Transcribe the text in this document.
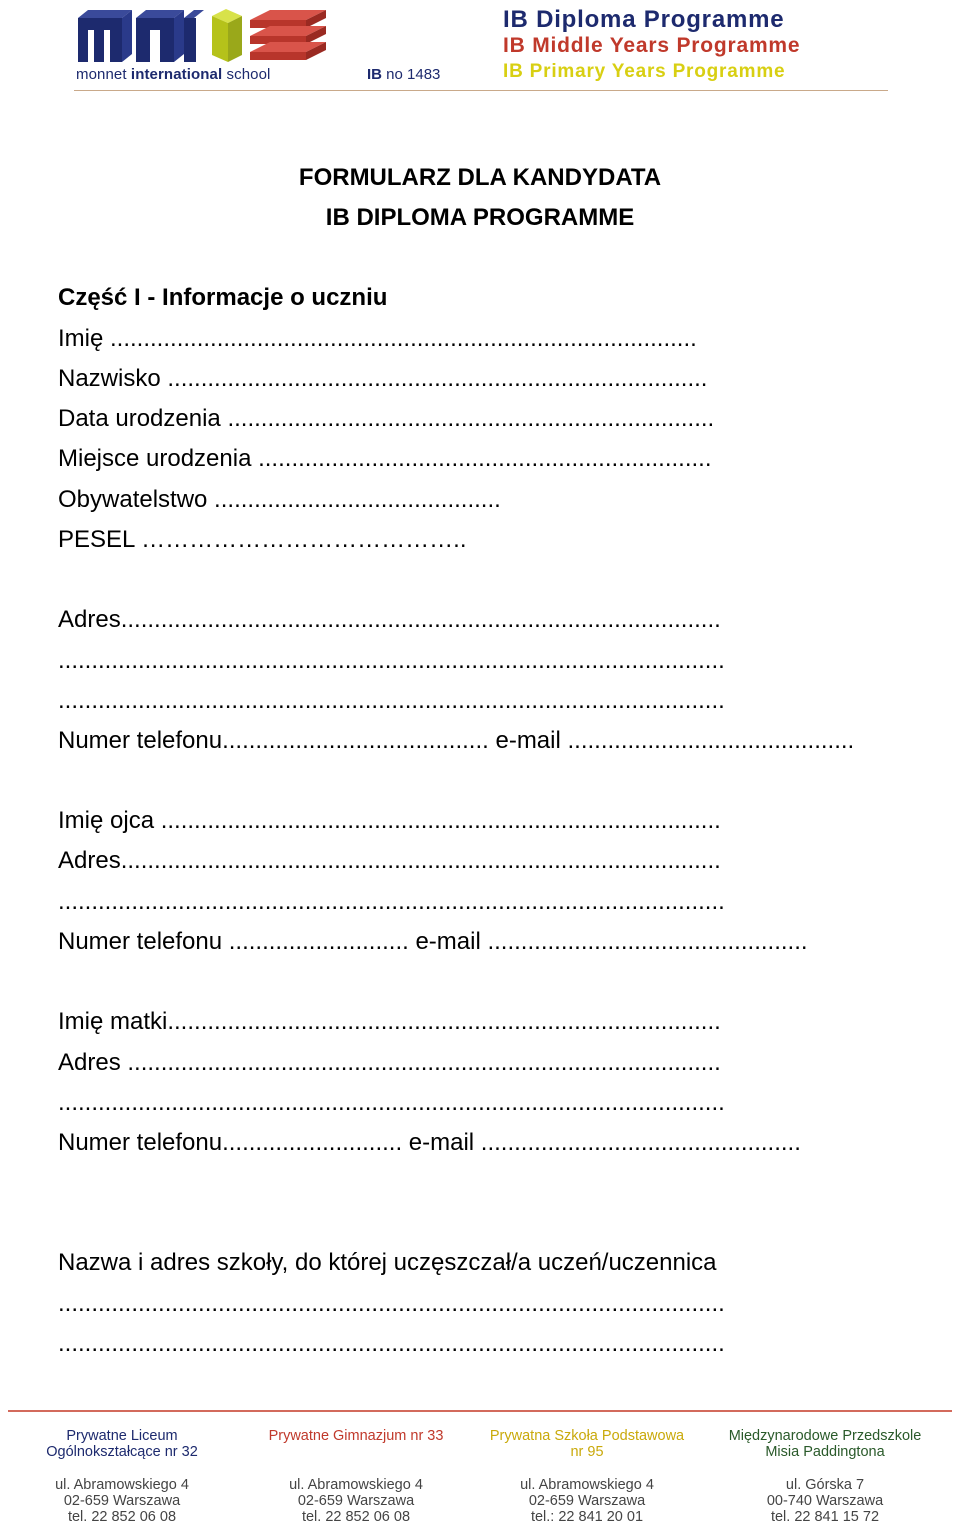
monnet international school	IB no 1483
IB Diploma Programme
IB Middle Years Programme
IB Primary Years Programme
FORMULARZ DLA KANDYDATA
IB DIPLOMA PROGRAMME
Część I - Informacje o uczniu
Imię ........................................................................................
Nazwisko .................................................................................
Data urodzenia .........................................................................
Miejsce urodzenia ....................................................................
Obywatelstwo ...........................................
PESEL …………………………………..
Adres..........................................................................................
....................................................................................................
....................................................................................................
Numer telefonu........................................ e-mail ...........................................
Imię ojca ....................................................................................
Adres..........................................................................................
....................................................................................................
Numer telefonu ........................... e-mail ................................................
Imię matki...................................................................................
Adres .........................................................................................
....................................................................................................
Numer telefonu........................... e-mail ................................................
Nazwa i adres szkoły, do której uczęszczał/a uczeń/uczennica
....................................................................................................
....................................................................................................
Prywatne Liceum
Ogólnokształcące nr 32
ul. Abramowskiego 4
02-659 Warszawa
tel. 22 852 06 08
Prywatne Gimnazjum nr 33
ul. Abramowskiego 4
02-659 Warszawa
tel. 22 852 06 08
Prywatna Szkoła Podstawowa
nr 95
ul. Abramowskiego 4
02-659 Warszawa
tel.: 22 841 20 01
Międzynarodowe Przedszkole
Misia Paddingtona
ul. Górska 7
00-740 Warszawa
tel. 22 841 15 72
